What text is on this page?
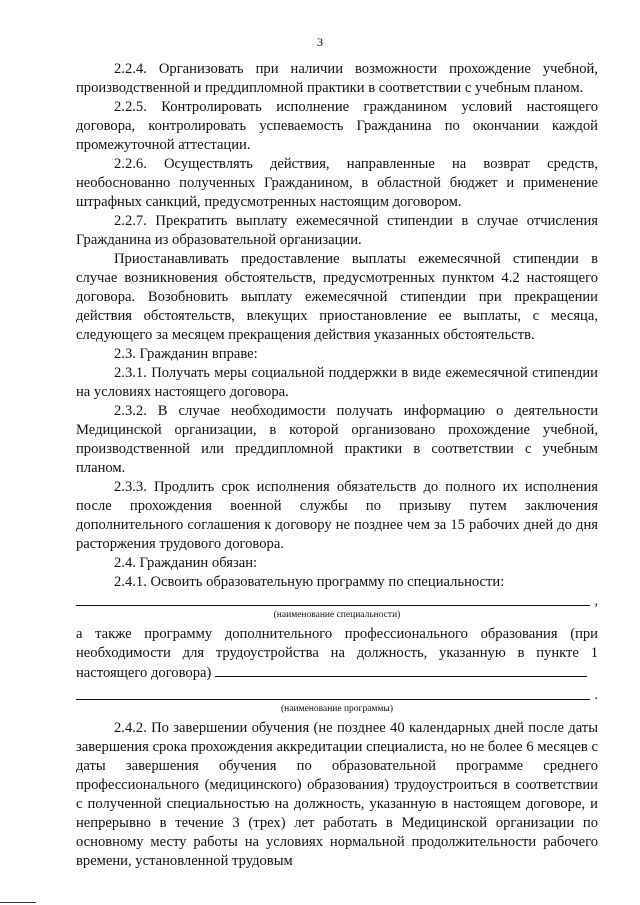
3

2.2.4. Организовать при наличии возможности прохождение учебной, производственной и преддипломной практики в соответствии с учебным планом.

2.2.5. Контролировать исполнение гражданином условий настоящего договора, контролировать успеваемость Гражданина по окончании каждой промежуточной аттестации.

2.2.6. Осуществлять действия, направленные на возврат средств, необоснованно полученных Гражданином, в областной бюджет и применение штрафных санкций, предусмотренных настоящим договором.

2.2.7. Прекратить выплату ежемесячной стипендии в случае отчисления Гражданина из образовательной организации.

Приостанавливать предоставление выплаты ежемесячной стипендии в случае возникновения обстоятельств, предусмотренных пунктом 4.2 настоящего договора. Возобновить выплату ежемесячной стипендии при прекращении действия обстоятельств, влекущих приостановление ее выплаты, с месяца, следующего за месяцем прекращения действия указанных обстоятельств.

2.3. Гражданин вправе:

2.3.1. Получать меры социальной поддержки в виде ежемесячной стипендии на условиях настоящего договора.

2.3.2. В случае необходимости получать информацию о деятельности Медицинской организации, в которой организовано прохождение учебной, производственной или преддипломной практики в соответствии с учебным планом.

2.3.3. Продлить срок исполнения обязательств до полного их исполнения после прохождения военной службы по призыву путем заключения дополнительного соглашения к договору не позднее чем за 15 рабочих дней до дня расторжения трудового договора.

2.4. Гражданин обязан:

2.4.1. Освоить образовательную программу по специальности:

,
(наименование специальности)

а также программу дополнительного профессионального образования (при необходимости для трудоустройства на должность, указанную в пункте 1 настоящего договора)

.
(наименование программы)

2.4.2. По завершении обучения (не позднее 40 календарных дней после даты завершения срока прохождения аккредитации специалиста, но не более 6 месяцев с даты завершения обучения по образовательной программе среднего профессионального (медицинского) образования) трудоустроиться в соответствии с полученной специальностью на должность, указанную в настоящем договоре, и непрерывно в течение 3 (трех) лет работать в Медицинской организации по основному месту работы на условиях нормальной продолжительности рабочего времени, установленной трудовым
